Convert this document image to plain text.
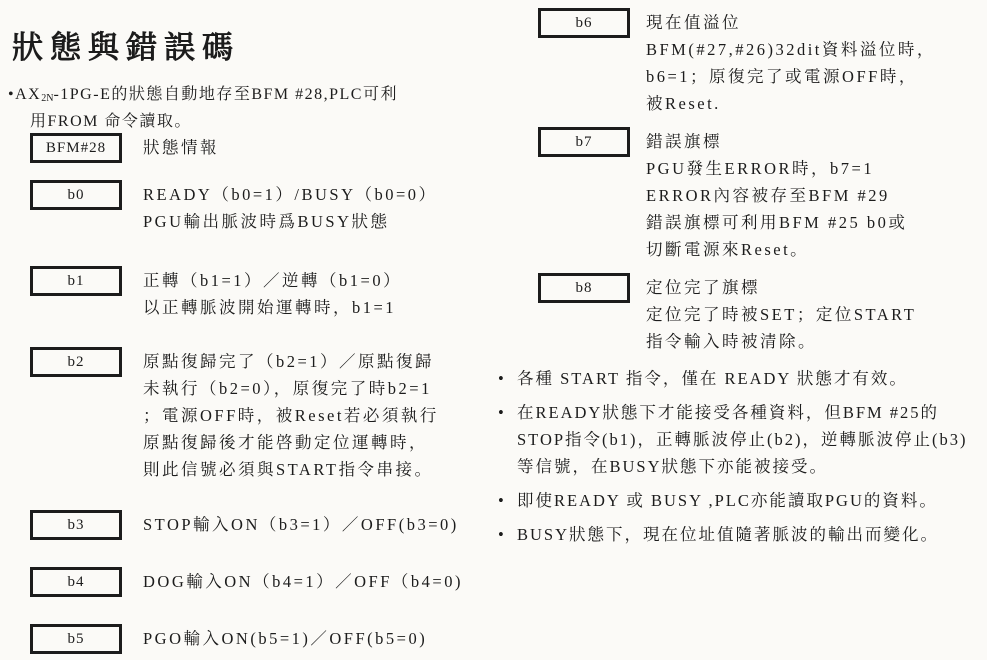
狀態與錯誤碼

•AX2N-1PG-E的狀態自動地存至BFM #28,PLC可利
用FROM 命令讀取。

BFM#28	狀態情報
b0	READY（b0=1）/BUSY（b0=0）
PGU輸出脈波時爲BUSY狀態
b1	正轉（b1=1）／逆轉（b1=0）
以正轉脈波開始運轉時，b1=1
b2	原點復歸完了（b2=1）／原點復歸
未執行（b2=0），原復完了時b2=1
；電源OFF時，被Reset若必須執行
原點復歸後才能啓動定位運轉時，
則此信號必須與START指令串接。
b3	STOP輸入ON（b3=1）／OFF(b3=0)
b4	DOG輸入ON（b4=1）／OFF（b4=0)
b5	PGO輸入ON(b5=1)／OFF(b5=0)
b6	現在值溢位
BFM(#27,#26)32dit資料溢位時，
b6=1；原復完了或電源OFF時，
被Reset.
b7	錯誤旗標
PGU發生ERROR時，b7=1
ERROR內容被存至BFM #29
錯誤旗標可利用BFM #25 b0或
切斷電源來Reset。
b8	定位完了旗標
定位完了時被SET；定位START
指令輸入時被清除。
• 各種 START 指令，僅在 READY 狀態才有效。
• 在READY狀態下才能接受各種資料，但BFM #25的STOP指令(b1)，正轉脈波停止(b2)，逆轉脈波停止(b3)等信號，在BUSY狀態下亦能被接受。
• 即使READY 或 BUSY ,PLC亦能讀取PGU的資料。
• BUSY狀態下，現在位址值隨著脈波的輸出而變化。
